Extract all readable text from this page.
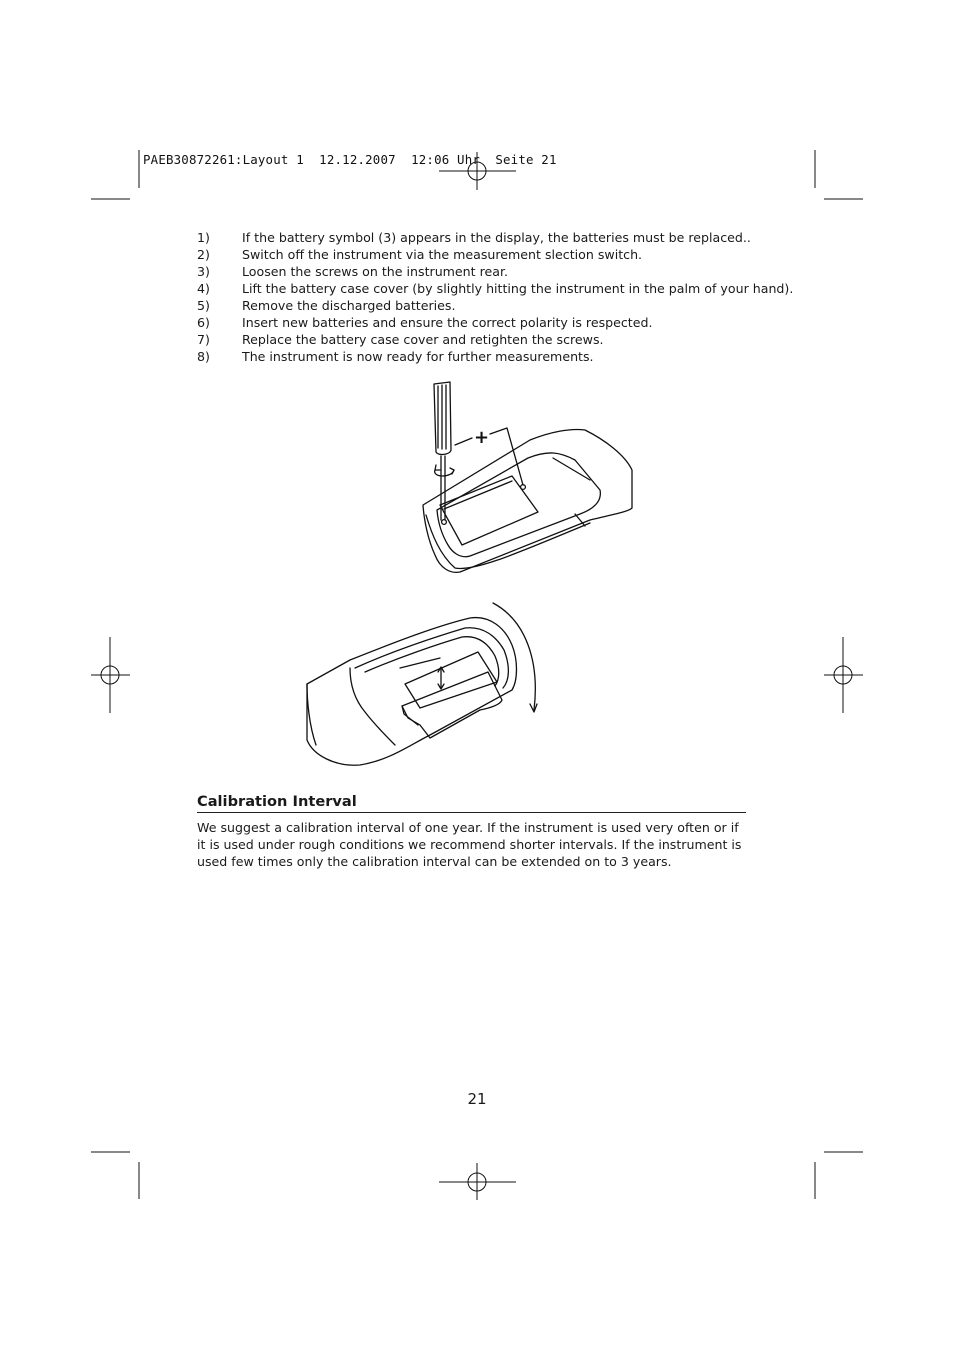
PAEB30872261:Layout 1  12.12.2007  12:06 Uhr  Seite 21
1)	If the battery symbol (3) appears in the display, the batteries must be replaced..
2)	Switch off the instrument via the measurement slection switch.
3)	Loosen the screws on the instrument rear.
4)	Lift the battery case cover (by slightly hitting the instrument in the palm of your hand).
5)	Remove the discharged batteries.
6)	Insert new batteries and ensure the correct polarity is respected.
7)	Replace the battery case cover and retighten the screws.
8)	The instrument is now ready for further measurements.
+
Calibration Interval
We suggest a calibration interval of one year. If the instrument is used very often or if it is used under rough conditions we recommend shorter intervals. If the instrument is used few times only the calibration interval can be extended on to 3 years.
21
